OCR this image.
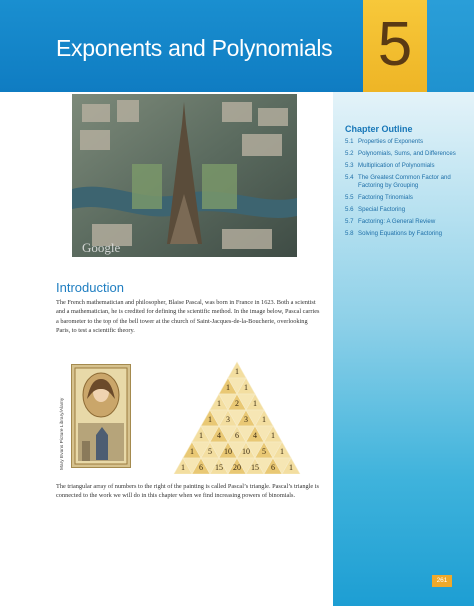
Exponents and Polynomials 5
Chapter Outline
5.1 Properties of Exponents
5.2 Polynomials, Sums, and Differences
5.3 Multiplication of Polynomials
5.4 The Greatest Common Factor and Factoring by Grouping
5.5 Factoring Trinomials
5.6 Special Factoring
5.7 Factoring: A General Review
5.8 Solving Equations by Factoring
Google
Introduction
The French mathematician and philosopher, Blaise Pascal, was born in France in 1623. Both a scientist and a mathematician, he is credited for defining the scientific method. In the image below, Pascal carries a barometer to the top of the bell tower at the church of Saint-Jacques-de-la-Boucherie, overlooking Paris, to test a scientific theory.
Mary Evans Picture Library/Alamy
1
1	1
1	2	1
1	3	3	1
1	4	6	4	1
1	5	10	10	5	1
1	6	15	20	15	6	1
The triangular array of numbers to the right of the painting is called Pascal’s triangle. Pascal’s triangle is connected to the work we will do in this chapter when we find increasing powers of binomials.
261
